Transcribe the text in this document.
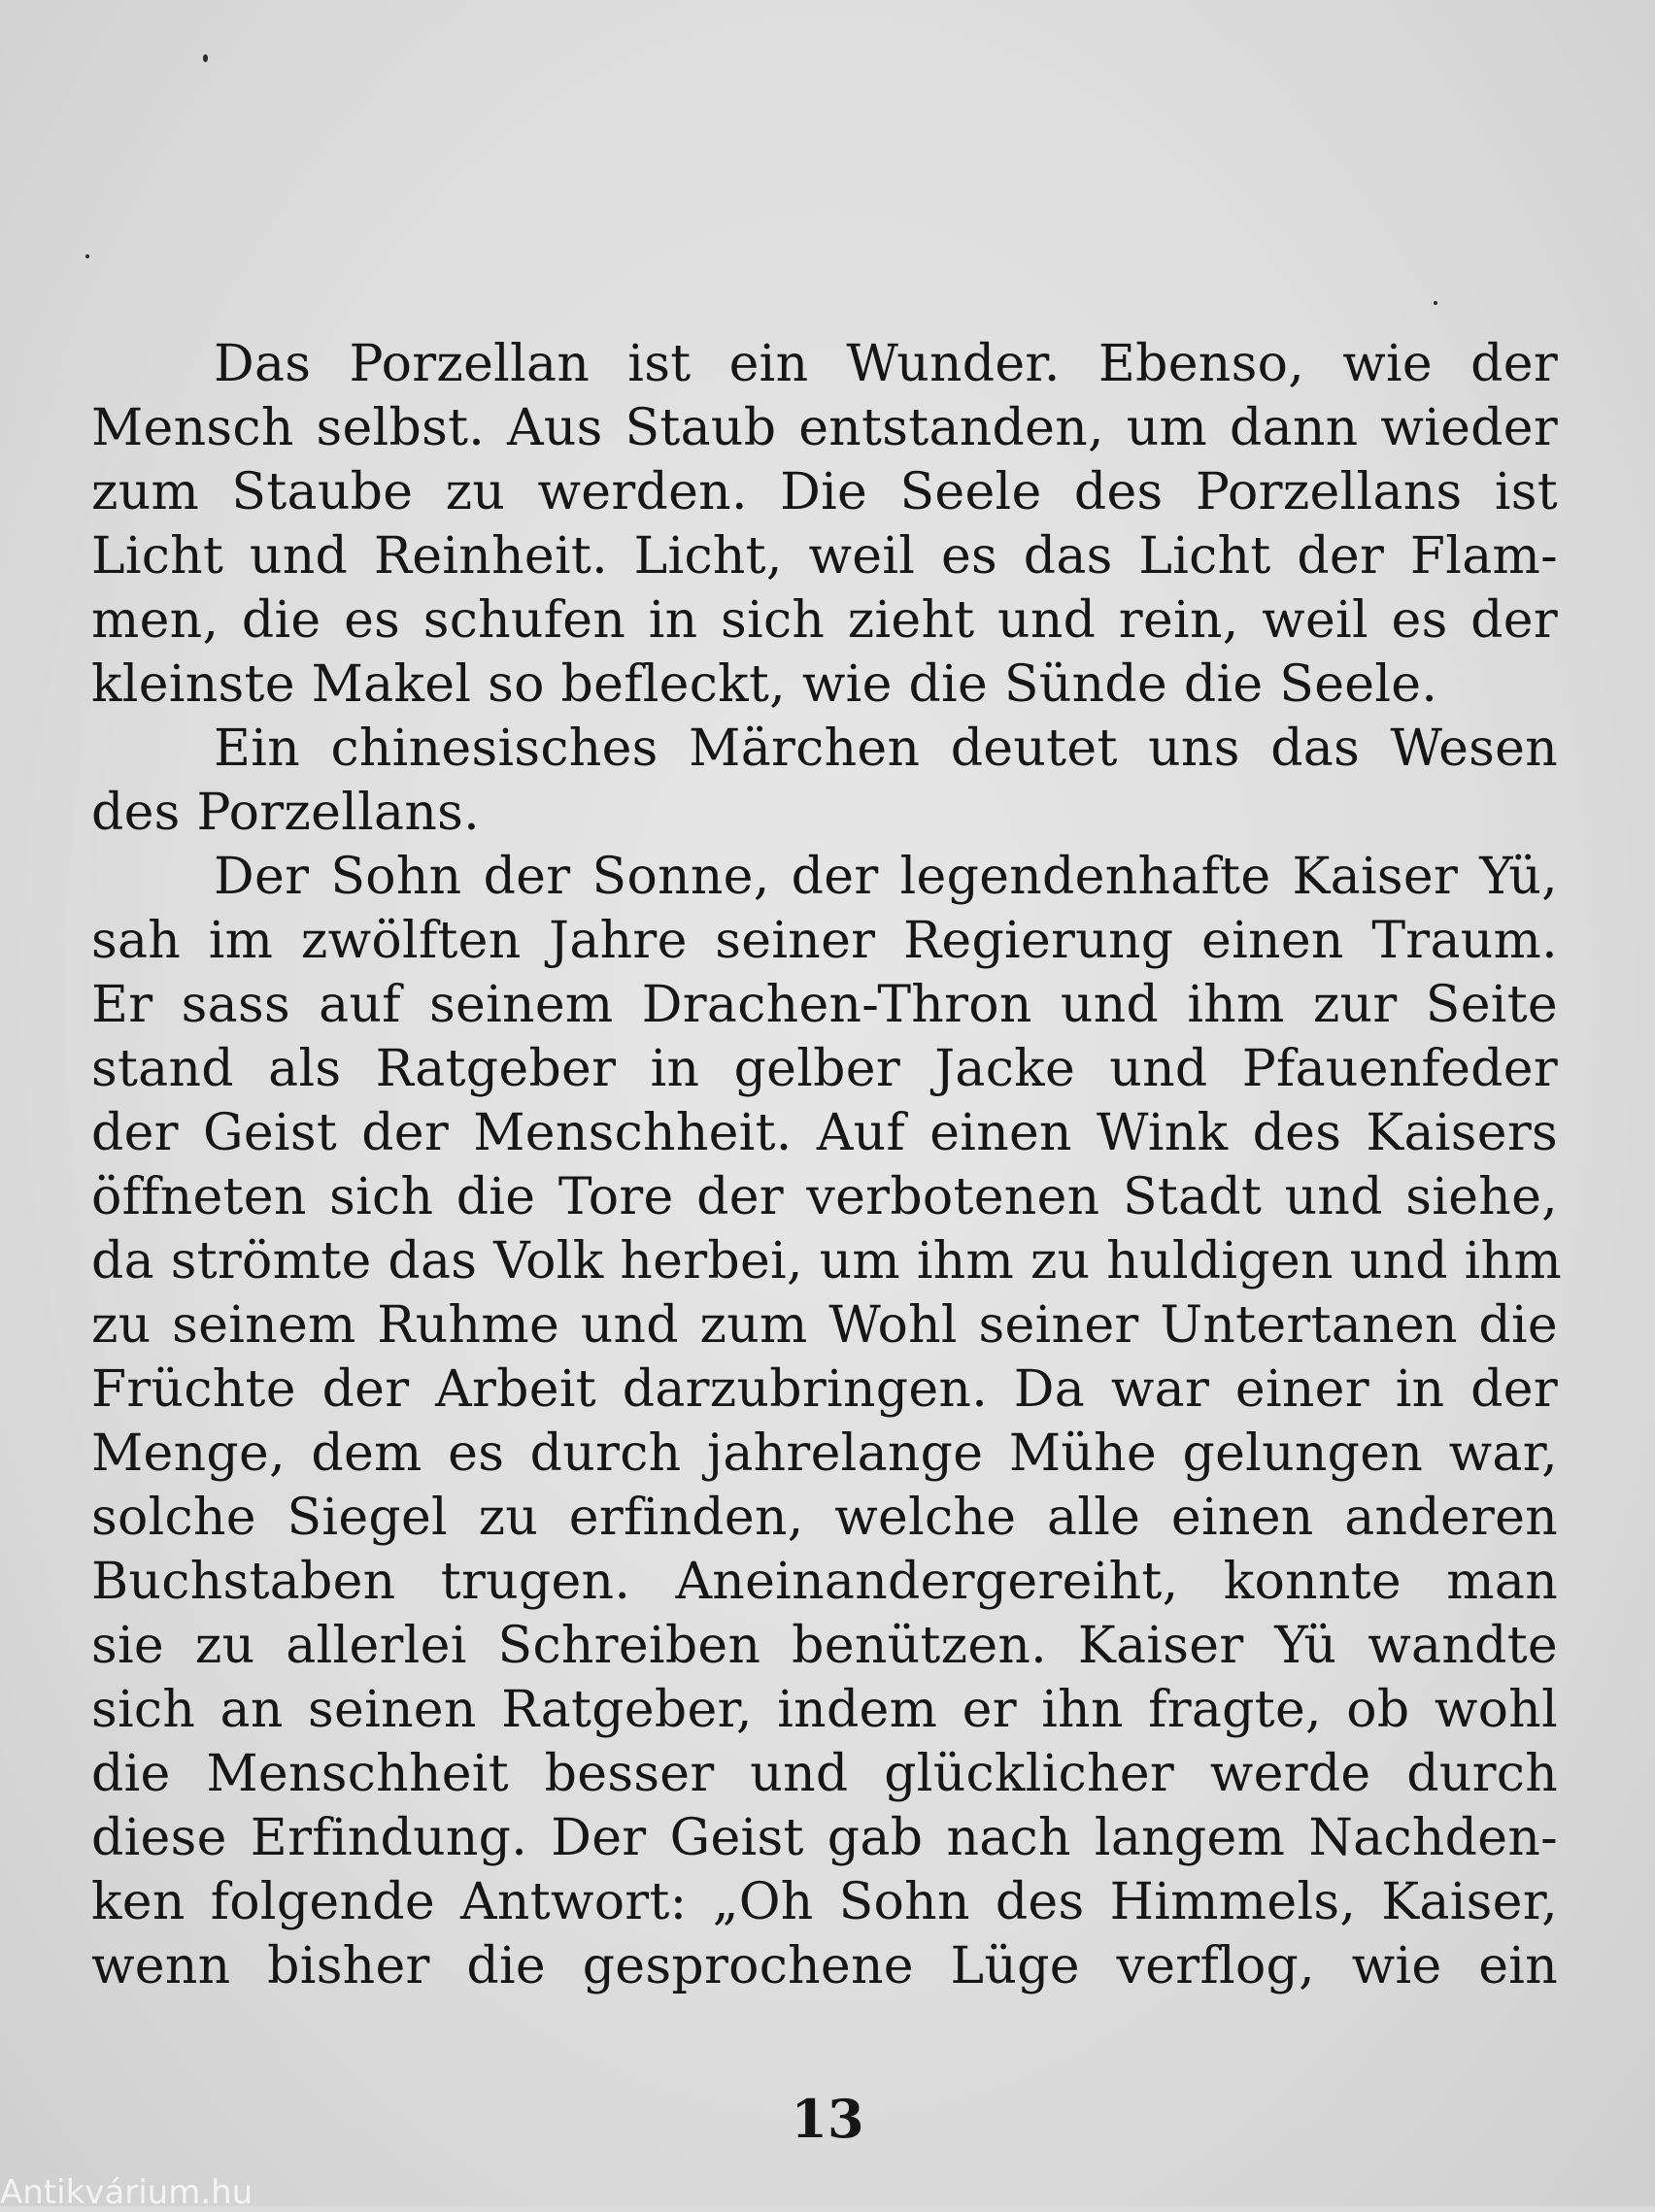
Das Porzellan ist ein Wunder. Ebenso, wie der
Mensch selbst. Aus Staub entstanden, um dann wieder
zum Staube zu werden. Die Seele des Porzellans ist
Licht und Reinheit. Licht, weil es das Licht der Flam-
men, die es schufen in sich zieht und rein, weil es der
kleinste Makel so befleckt, wie die Sünde die Seele.
Ein chinesisches Märchen deutet uns das Wesen
des Porzellans.
Der Sohn der Sonne, der legendenhafte Kaiser Yü,
sah im zwölften Jahre seiner Regierung einen Traum.
Er sass auf seinem Drachen-Thron und ihm zur Seite
stand als Ratgeber in gelber Jacke und Pfauenfeder
der Geist der Menschheit. Auf einen Wink des Kaisers
öffneten sich die Tore der verbotenen Stadt und siehe,
da strömte das Volk herbei, um ihm zu huldigen und ihm
zu seinem Ruhme und zum Wohl seiner Untertanen die
Früchte der Arbeit darzubringen. Da war einer in der
Menge, dem es durch jahrelange Mühe gelungen war,
solche Siegel zu erfinden, welche alle einen anderen
Buchstaben trugen. Aneinandergereiht, konnte man
sie zu allerlei Schreiben benützen. Kaiser Yü wandte
sich an seinen Ratgeber, indem er ihn fragte, ob wohl
die Menschheit besser und glücklicher werde durch
diese Erfindung. Der Geist gab nach langem Nachden-
ken folgende Antwort: „Oh Sohn des Himmels, Kaiser,
wenn bisher die gesprochene Lüge verflog, wie ein
13
Antikvárium.hu
